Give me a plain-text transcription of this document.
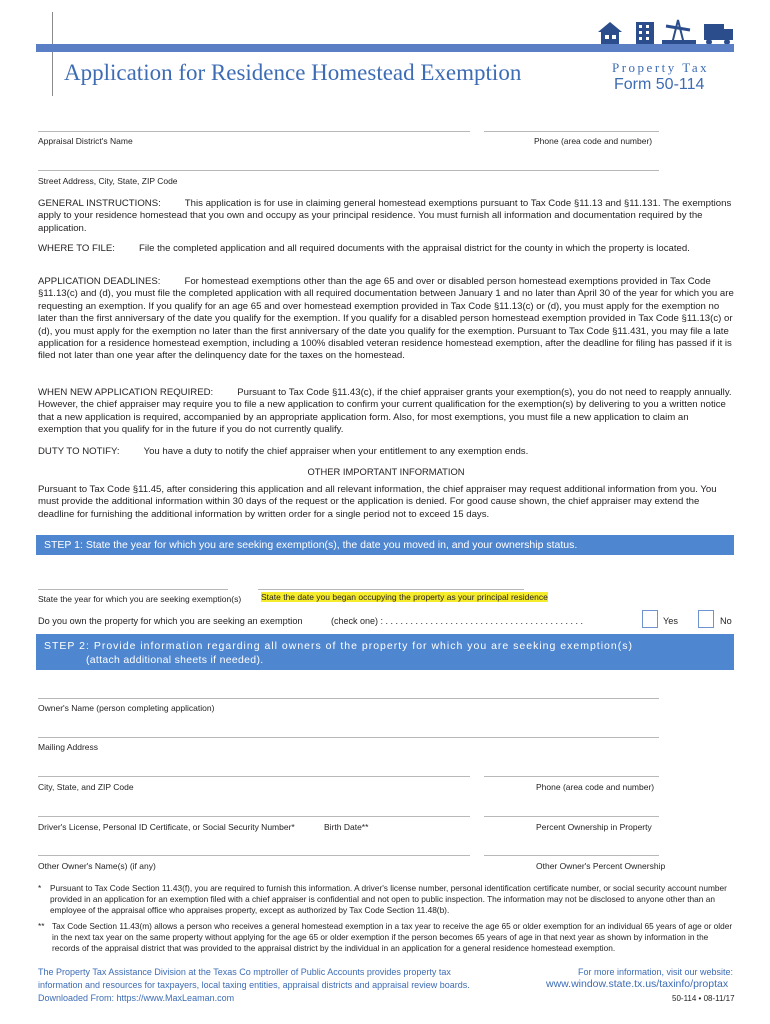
Application for Residence Homestead Exemption	Property Tax
Form 50-114
Appraisal District's Name	Phone (area code and number)
Street Address, City, State, ZIP Code
GENERAL INSTRUCTIONS:	This application is for use in claiming general homestead exemptions pursuant to Tax Code §11.13 and §11.131. The exemptions apply to your residence homestead that you own and occupy as your principal residence. You must furnish all information and documentation required by the application.
WHERE TO FILE:	File the completed application and all required documents with the appraisal district for the county in which the property is located.
APPLICATION DEADLINES:	For homestead exemptions other than the age 65 and over or disabled person homestead exemptions provided in Tax Code §11.13(c) and (d), you must file the completed application with all required documentation between January 1 and no later than April 30 of the year for which you are requesting an exemption. If you qualify for an age 65 and over homestead exemption provided in Tax Code §11.13(c) or (d), you must apply for the exemption no later than the first anniversary of the date you qualify for the exemption. If you qualify for a disabled person homestead exemption provided in Tax Code §11.13(c) or (d), you must apply for the exemption no later than the first anniversary of the date you qualify for the exemption. Pursuant to Tax Code §11.431, you may file a late application for a residence homestead exemption, including a 100% disabled veteran residence homestead exemption, after the deadline for filing has passed if it is filed not later than one year after the delinquency date for the taxes on the homestead.
WHEN NEW APPLICATION REQUIRED:	Pursuant to Tax Code §11.43(c), if the chief appraiser grants your exemption(s), you do not need to reapply annually. However, the chief appraiser may require you to file a new application to confirm your current qualification for the exemption(s) by delivering to you a written notice that a new application is required, accompanied by an appropriate application form. Also, for most exemptions, you must file a new application to claim an exemption that you qualify for in the future if you do not currently qualify.
DUTY TO NOTIFY:	You have a duty to notify the chief appraiser when your entitlement to any exemption ends.
OTHER IMPORTANT INFORMATION
Pursuant to Tax Code §11.45, after considering this application and all relevant information, the chief appraiser may request additional information from you. You must provide the additional information within 30 days of the request or the application is denied. For good cause shown, the chief appraiser may extend the deadline for furnishing the additional information by written order for a single period not to exceed 15 days.
STEP 1: State the year for which you are seeking exemption(s), the date you moved in, and your ownership status.
State the year for which you are seeking exemption(s) State the date you began occupying the property as your principal residence
Do you own the property for which you are seeking an exemption	(check one) : . . . . . . . . . . . . . . . . . . . . . . . . . . . . . . . . . . . . . . . .	Yes	No
STEP 2: Provide information regarding all owners of the property for which you are seeking exemption(s)
(attach additional sheets if needed).
Owner's Name (person completing application)
Mailing Address
City, State, and ZIP Code	Phone (area code and number)
Driver's License, Personal ID Certificate, or Social Security Number*	Birth Date**	Percent Ownership in Property
Other Owner's Name(s) (if any)	Other Owner's Percent Ownership
*	Pursuant to Tax Code Section 11.43(f), you are required to furnish this information. A driver's license number, personal identification certificate number, or social security account number provided in an application for an exemption filed with a chief appraiser is confidential and not open to public inspection. The information may not be disclosed to anyone other than an employee of the appraisal office who appraises property, except as authorized by Tax Code Section 11.48(b).
** Tax Code Section 11.43(m) allows a person who receives a general homestead exemption in a tax year to receive the age 65 or older exemption for an individual 65 years of age or older in the next tax year on the same property without applying for the age 65 or older exemption if the person becomes 65 years of age in that next year as shown by information in the records of the appraisal district that was provided to the appraisal district by the individual in an application for a general residence homestead exemption.
The Property Tax Assistance Division at the Texas Co mptroller of Public Accounts provides property tax
information and resources for taxpayers, local taxing entities, appraisal districts and appraisal review boards.
Downloaded From: https://www.MaxLeaman.com
For more information, visit our website:
www.window.state.tx.us/taxinfo/proptax
50-114 • 08-11/17
